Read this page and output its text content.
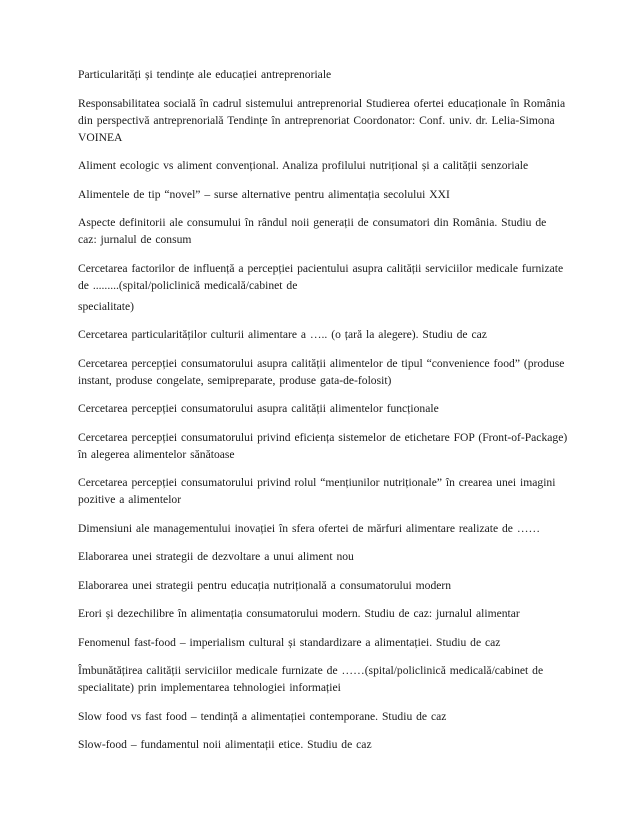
Particularități și tendințe ale educației antreprenoriale

Responsabilitatea socială în cadrul sistemului antreprenorial Studierea ofertei educaționale în România din perspectivă antreprenorială Tendințe în antreprenoriat Coordonator: Conf. univ. dr. Lelia-Simona VOINEA

Aliment ecologic vs aliment convențional. Analiza profilului nutrițional și a calității senzoriale

Alimentele de tip “novel” – surse alternative pentru alimentația secolului XXI

Aspecte definitorii ale consumului în rândul noii generații de consumatori din România. Studiu de caz: jurnalul de consum

Cercetarea factorilor de influență a percepției pacientului asupra calității serviciilor medicale furnizate de .........(spital/policlinică medicală/cabinet de

specialitate)

Cercetarea particularităților culturii alimentare a ….. (o țară la alegere). Studiu de caz

Cercetarea percepției consumatorului asupra calității alimentelor de tipul “convenience food” (produse instant, produse congelate, semipreparate, produse gata-de-folosit)

Cercetarea percepției consumatorului asupra calității alimentelor funcționale

Cercetarea percepției consumatorului privind eficiența sistemelor de etichetare FOP (Front-of-Package) în alegerea alimentelor sănătoase

Cercetarea percepției consumatorului privind rolul “mențiunilor nutriționale” în crearea unei imagini pozitive a alimentelor

Dimensiuni ale managementului inovației în sfera ofertei de mărfuri alimentare realizate de ……

Elaborarea unei strategii de dezvoltare a unui aliment nou

Elaborarea unei strategii pentru educația nutrițională a consumatorului modern

Erori și dezechilibre în alimentația consumatorului modern. Studiu de caz: jurnalul alimentar

Fenomenul fast-food – imperialism cultural și standardizare a alimentației. Studiu de caz

Îmbunătățirea calității serviciilor medicale furnizate de ……(spital/policlinică medicală/cabinet de specialitate) prin implementarea tehnologiei informației

Slow food vs fast food – tendință a alimentației contemporane. Studiu de caz

Slow-food – fundamentul noii alimentații etice. Studiu de caz
